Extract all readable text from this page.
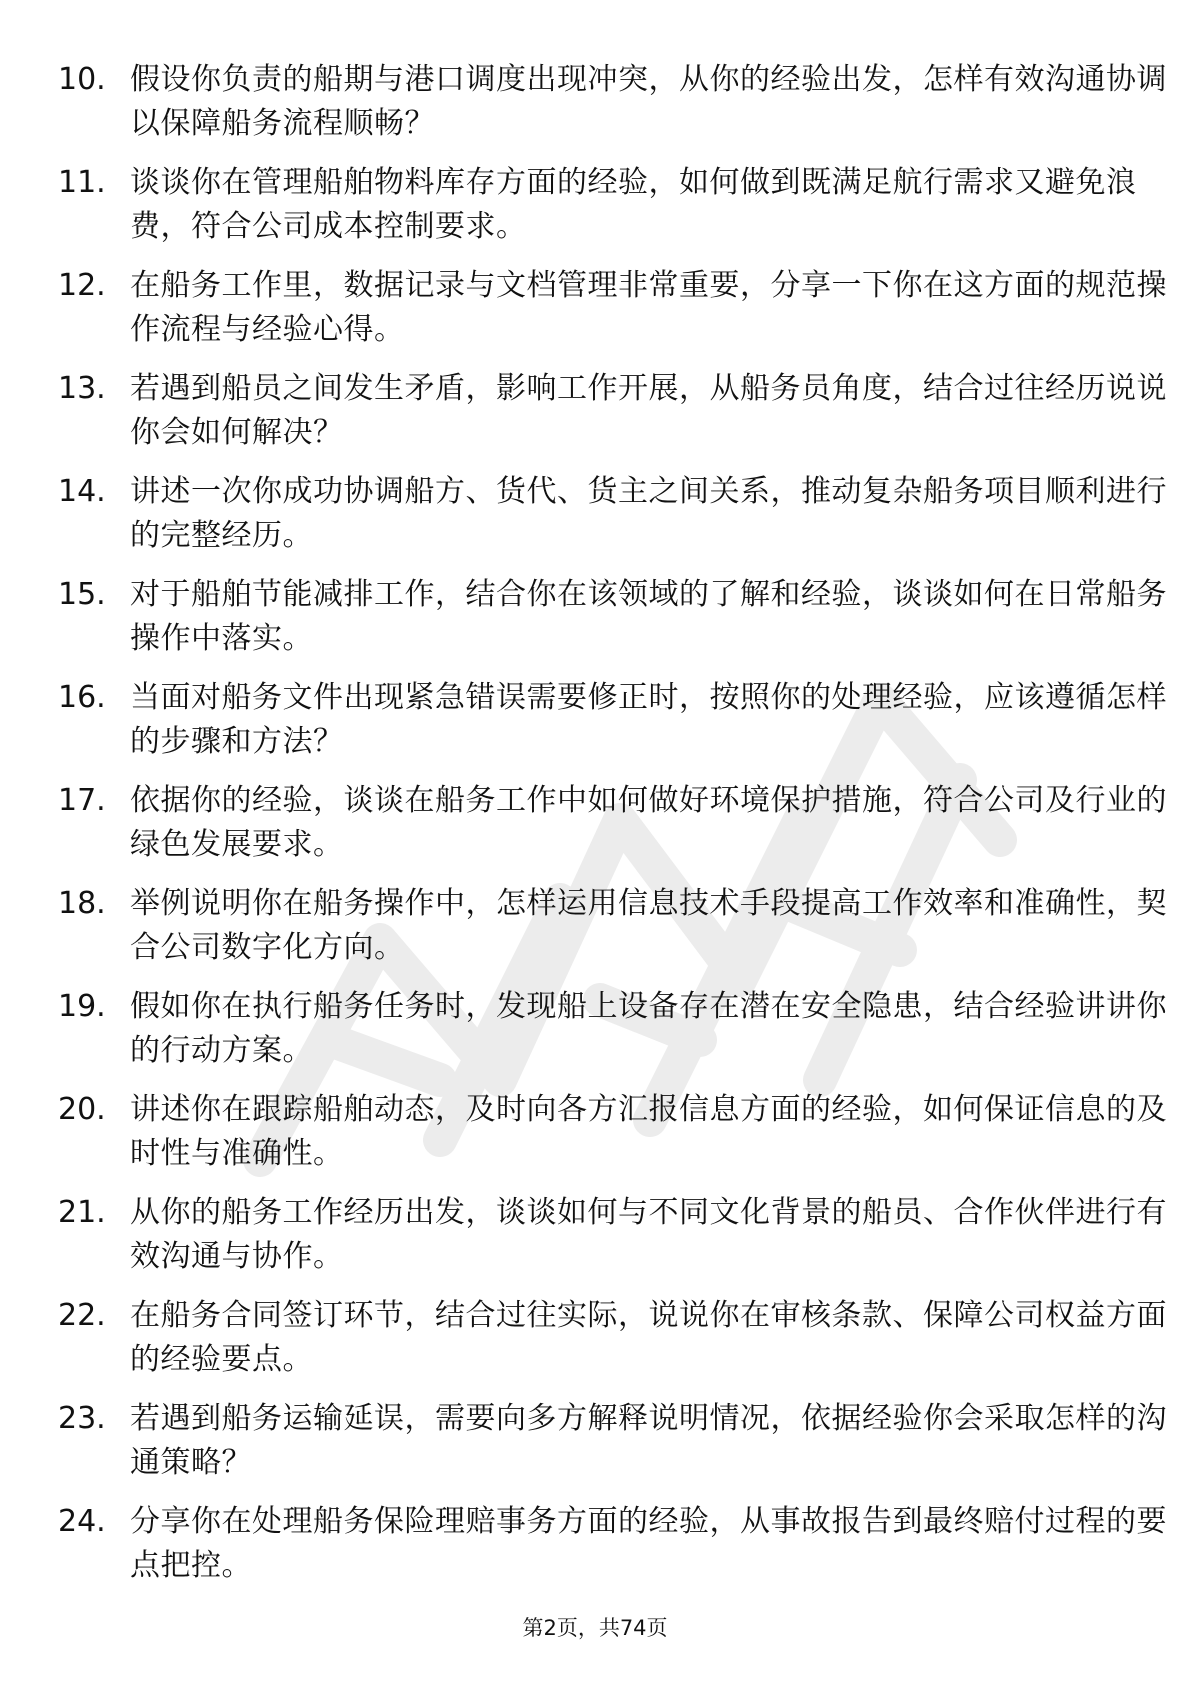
10. 假设你负责的船期与港口调度出现冲突，从你的经验出发，怎样有效沟通协调以保障船务流程顺畅？
11. 谈谈你在管理船舶物料库存方面的经验，如何做到既满足航行需求又避免浪费，符合公司成本控制要求。
12. 在船务工作里，数据记录与文档管理非常重要，分享一下你在这方面的规范操作流程与经验心得。
13. 若遇到船员之间发生矛盾，影响工作开展，从船务员角度，结合过往经历说说你会如何解决？
14. 讲述一次你成功协调船方、货代、货主之间关系，推动复杂船务项目顺利进行的完整经历。
15. 对于船舶节能减排工作，结合你在该领域的了解和经验，谈谈如何在日常船务操作中落实。
16. 当面对船务文件出现紧急错误需要修正时，按照你的处理经验，应该遵循怎样的步骤和方法？
17. 依据你的经验，谈谈在船务工作中如何做好环境保护措施，符合公司及行业的绿色发展要求。
18. 举例说明你在船务操作中，怎样运用信息技术手段提高工作效率和准确性，契合公司数字化方向。
19. 假如你在执行船务任务时，发现船上设备存在潜在安全隐患，结合经验讲讲你的行动方案。
20. 讲述你在跟踪船舶动态，及时向各方汇报信息方面的经验，如何保证信息的及时性与准确性。
21. 从你的船务工作经历出发，谈谈如何与不同文化背景的船员、合作伙伴进行有效沟通与协作。
22. 在船务合同签订环节，结合过往实际，说说你在审核条款、保障公司权益方面的经验要点。
23. 若遇到船务运输延误，需要向多方解释说明情况，依据经验你会采取怎样的沟通策略？
24. 分享你在处理船务保险理赔事务方面的经验，从事故报告到最终赔付过程的要点把控。
第2页，共74页
